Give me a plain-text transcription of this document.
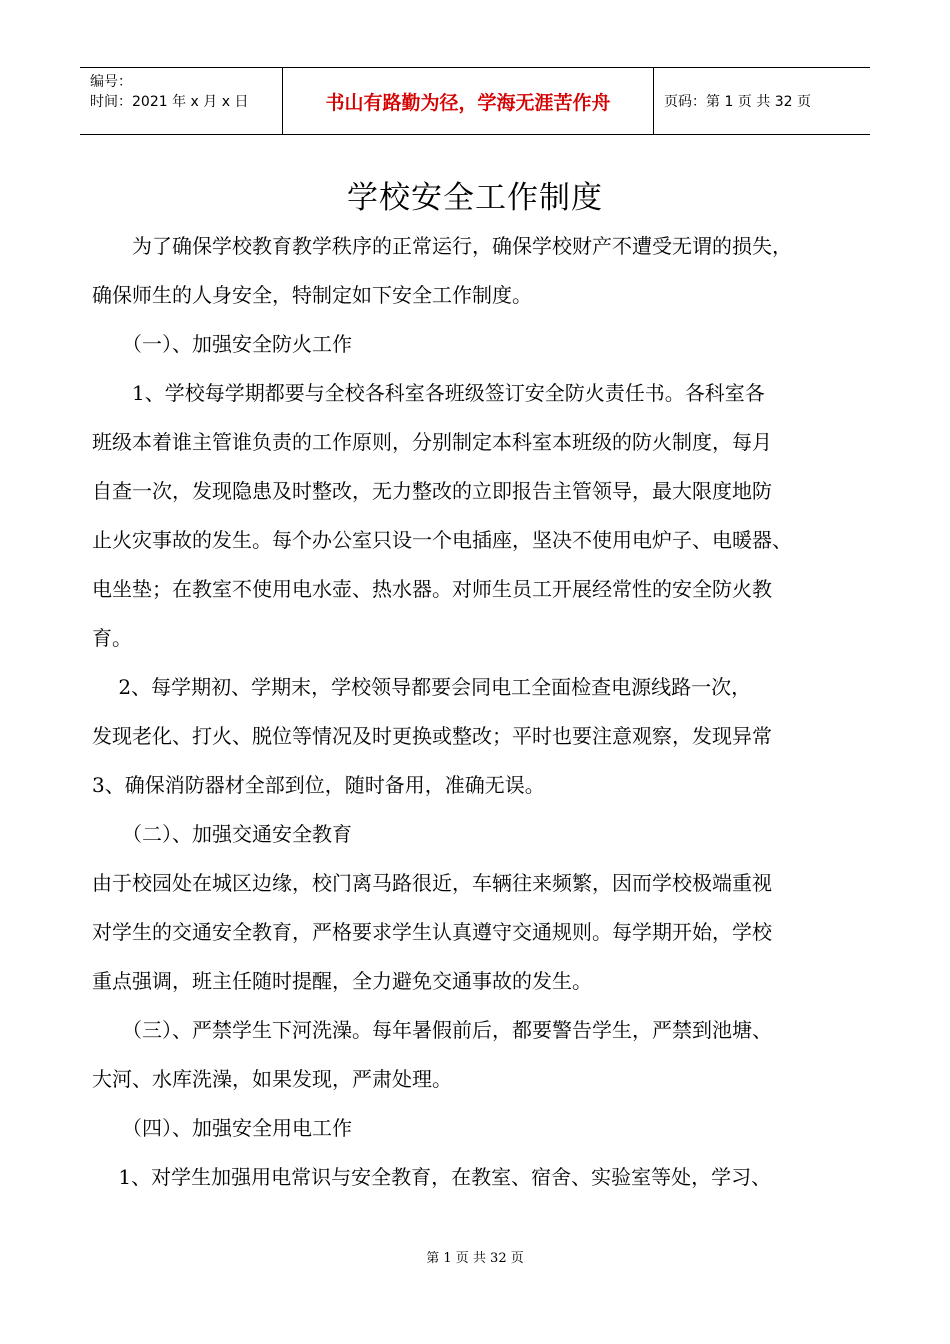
编号：
时间：2021 年 x 月 x 日	书山有路勤为径，学海无涯苦作舟	页码：第 1 页 共 32 页
学校安全工作制度

　　为了确保学校教育教学秩序的正常运行，确保学校财产不遭受无谓的损失，

确保师生的人身安全，特制定如下安全工作制度。

　　（一）、加强安全防火工作

　　1、学校每学期都要与全校各科室各班级签订安全防火责任书。各科室各

班级本着谁主管谁负责的工作原则，分别制定本科室本班级的防火制度，每月

自查一次，发现隐患及时整改，无力整改的立即报告主管领导，最大限度地防

止火灾事故的发生。每个办公室只设一个电插座，坚决不使用电炉子、电暖器、

电坐垫；在教室不使用电水壶、热水器。对师生员工开展经常性的安全防火教

育。

　 2、每学期初、学期末，学校领导都要会同电工全面检查电源线路一次，

发现老化、打火、脱位等情况及时更换或整改；平时也要注意观察，发现异常

3、确保消防器材全部到位，随时备用，准确无误。

　　（二）、加强交通安全教育

由于校园处在城区边缘，校门离马路很近，车辆往来频繁，因而学校极端重视

对学生的交通安全教育，严格要求学生认真遵守交通规则。每学期开始，学校

重点强调，班主任随时提醒，全力避免交通事故的发生。

　　（三）、严禁学生下河洗澡。每年暑假前后，都要警告学生，严禁到池塘、

大河、水库洗澡，如果发现，严肃处理。

　　（四）、加强安全用电工作

　 1、对学生加强用电常识与安全教育，在教室、宿舍、实验室等处，学习、

第 1 页 共 32 页
